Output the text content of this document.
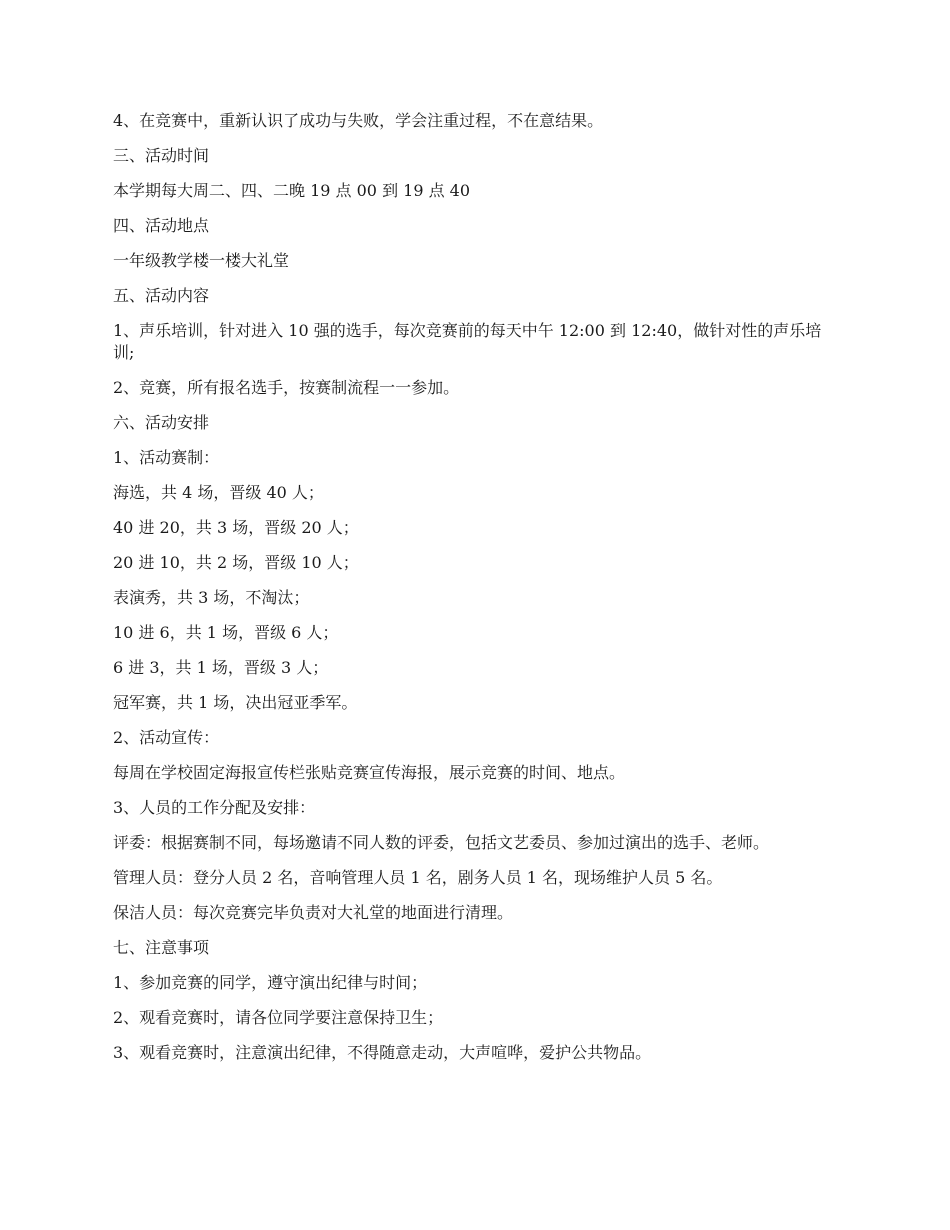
4、在竞赛中，重新认识了成功与失败，学会注重过程，不在意结果。

三、活动时间

本学期每大周二、四、二晚 19 点 00 到 19 点 40

四、活动地点

一年级教学楼一楼大礼堂

五、活动内容

1、声乐培训，针对进入 10 强的选手，每次竞赛前的每天中午 12:00 到 12:40，做针对性的声乐培训;

2、竞赛，所有报名选手，按赛制流程一一参加。

六、活动安排

1、活动赛制：

海选，共 4 场，晋级 40 人；

40 进 20，共 3 场，晋级 20 人；

20 进 10，共 2 场，晋级 10 人；

表演秀，共 3 场，不淘汰；

10 进 6，共 1 场，晋级 6 人；

6 进 3，共 1 场，晋级 3 人；

冠军赛，共 1 场，决出冠亚季军。

2、活动宣传：

每周在学校固定海报宣传栏张贴竞赛宣传海报，展示竞赛的时间、地点。

3、人员的工作分配及安排：

评委：根据赛制不同，每场邀请不同人数的评委，包括文艺委员、参加过演出的选手、老师。

管理人员：登分人员 2 名，音响管理人员 1 名，剧务人员 1 名，现场维护人员 5 名。

保洁人员：每次竞赛完毕负责对大礼堂的地面进行清理。

七、注意事项

1、参加竞赛的同学，遵守演出纪律与时间；

2、观看竞赛时，请各位同学要注意保持卫生；

3、观看竞赛时，注意演出纪律，不得随意走动，大声喧哗，爱护公共物品。
